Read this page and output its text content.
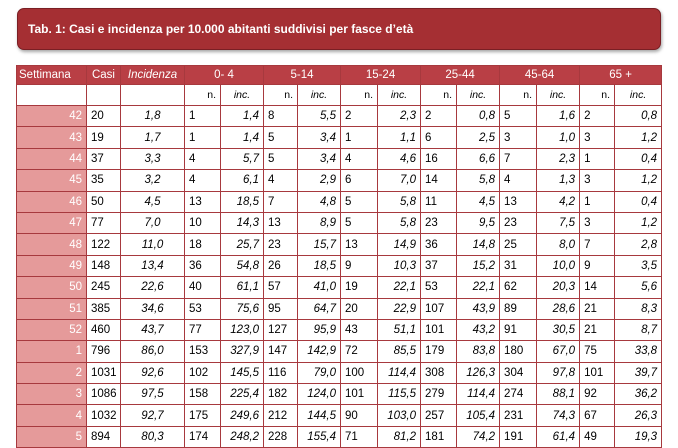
Tab. 1: Casi e incidenza per 10.000 abitanti suddivisi per fasce d’età
Settimana	Casi	Incidenza	0- 4		5-14		15-24		25-44		45-64		65 +	
			n.	inc.	n.	inc.	n.	inc.	n.	inc.	n.	inc.	n.	inc.
42	20	1,8	1	1,4	8	5,5	2	2,3	2	0,8	5	1,6	2	0,8
43	19	1,7	1	1,4	5	3,4	1	1,1	6	2,5	3	1,0	3	1,2
44	37	3,3	4	5,7	5	3,4	4	4,6	16	6,6	7	2,3	1	0,4
45	35	3,2	4	6,1	4	2,9	6	7,0	14	5,8	4	1,3	3	1,2
46	50	4,5	13	18,5	7	4,8	5	5,8	11	4,5	13	4,2	1	0,4
47	77	7,0	10	14,3	13	8,9	5	5,8	23	9,5	23	7,5	3	1,2
48	122	11,0	18	25,7	23	15,7	13	14,9	36	14,8	25	8,0	7	2,8
49	148	13,4	36	54,8	26	18,5	9	10,3	37	15,2	31	10,0	9	3,5
50	245	22,6	40	61,1	57	41,0	19	22,1	53	22,1	62	20,3	14	5,6
51	385	34,6	53	75,6	95	64,7	20	22,9	107	43,9	89	28,6	21	8,3
52	460	43,7	77	123,0	127	95,9	43	51,1	101	43,2	91	30,5	21	8,7
1	796	86,0	153	327,9	147	142,9	72	85,5	179	83,8	180	67,0	75	33,8
2	1031	92,6	102	145,5	116	79,0	100	114,4	308	126,3	304	97,8	101	39,7
3	1086	97,5	158	225,4	182	124,0	101	115,5	279	114,4	274	88,1	92	36,2
4	1032	92,7	175	249,6	212	144,5	90	103,0	257	105,4	231	74,3	67	26,3
5	894	80,3	174	248,2	228	155,4	71	81,2	181	74,2	191	61,4	49	19,3
